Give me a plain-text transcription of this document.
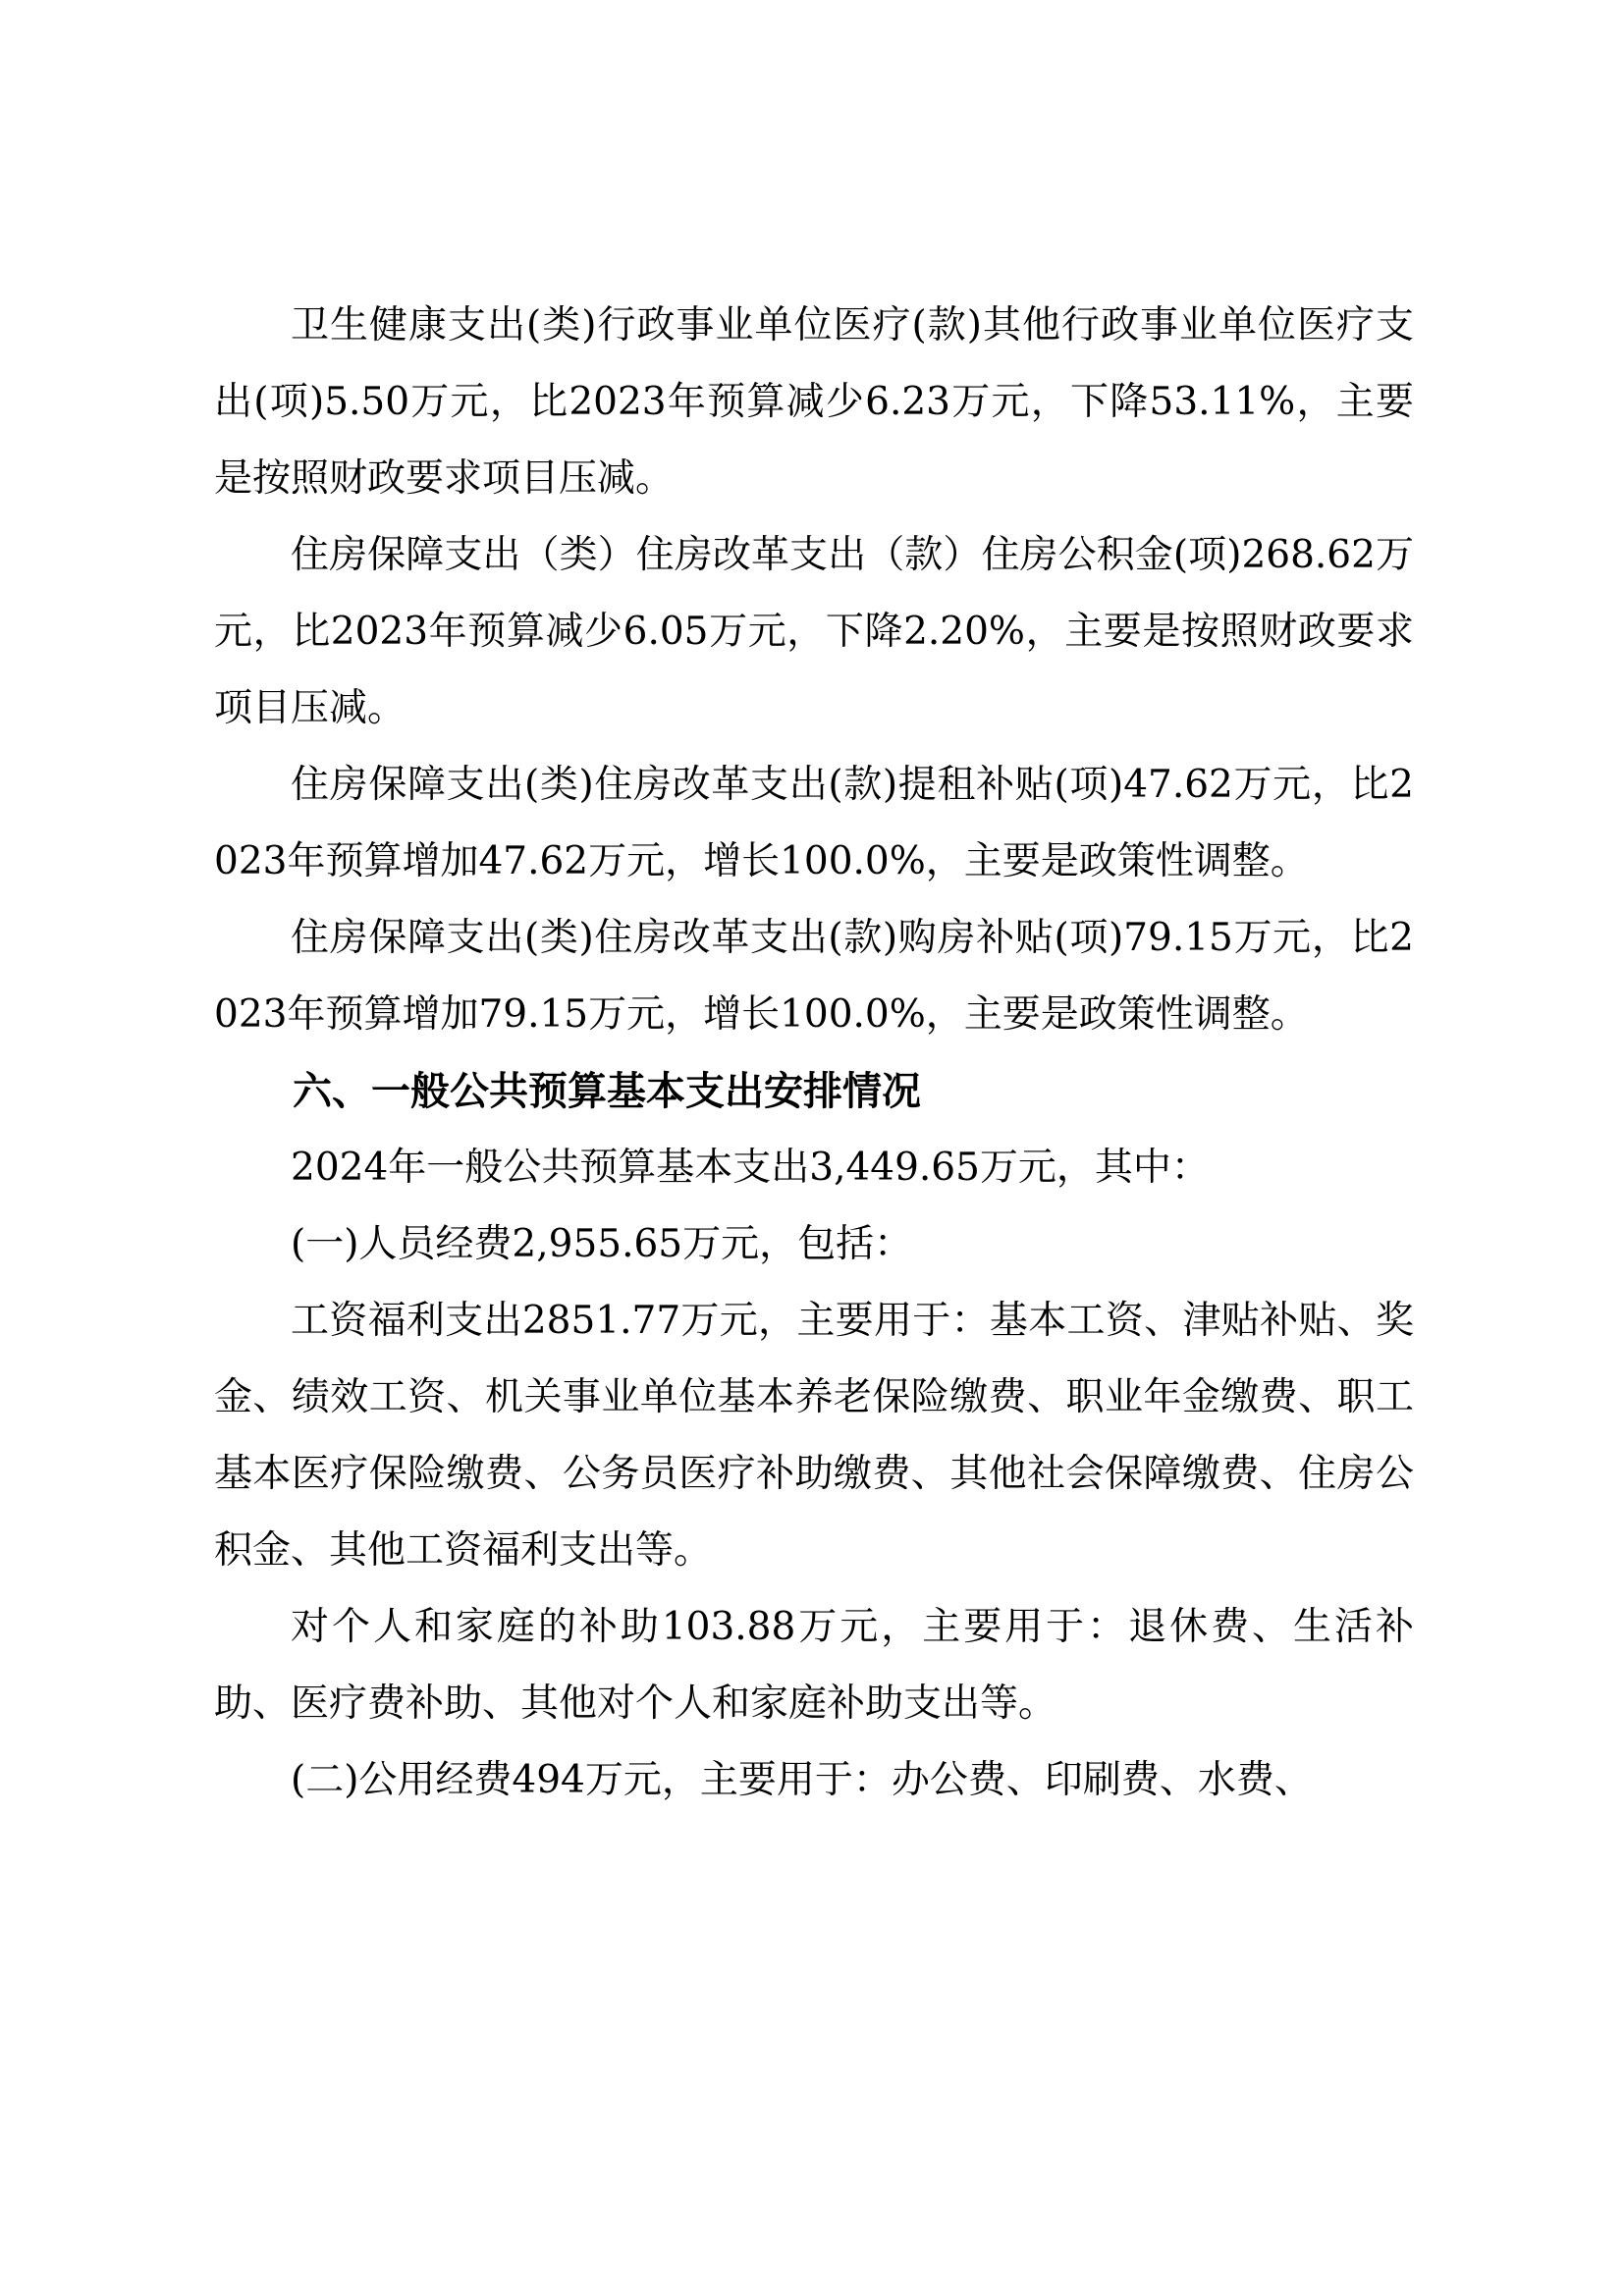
卫生健康支出(类)行政事业单位医疗(款)其他行政事业单位医疗支出(项)5.50万元，比2023年预算减少6.23万元，下降53.11%，主要是按照财政要求项目压减。

住房保障支出（类）住房改革支出（款）住房公积金(项)268.62万元，比2023年预算减少6.05万元，下降2.20%，主要是按照财政要求项目压减。

住房保障支出(类)住房改革支出(款)提租补贴(项)47.62万元，比2023年预算增加47.62万元，增长100.0%，主要是政策性调整。

住房保障支出(类)住房改革支出(款)购房补贴(项)79.15万元，比2023年预算增加79.15万元，增长100.0%，主要是政策性调整。

六、一般公共预算基本支出安排情况

2024年一般公共预算基本支出3,449.65万元，其中：

(一)人员经费2,955.65万元，包括：

工资福利支出2851.77万元，主要用于：基本工资、津贴补贴、奖金、绩效工资、机关事业单位基本养老保险缴费、职业年金缴费、职工基本医疗保险缴费、公务员医疗补助缴费、其他社会保障缴费、住房公积金、其他工资福利支出等。

对个人和家庭的补助103.88万元，主要用于：退休费、生活补助、医疗费补助、其他对个人和家庭补助支出等。

(二)公用经费494万元，主要用于：办公费、印刷费、水费、
